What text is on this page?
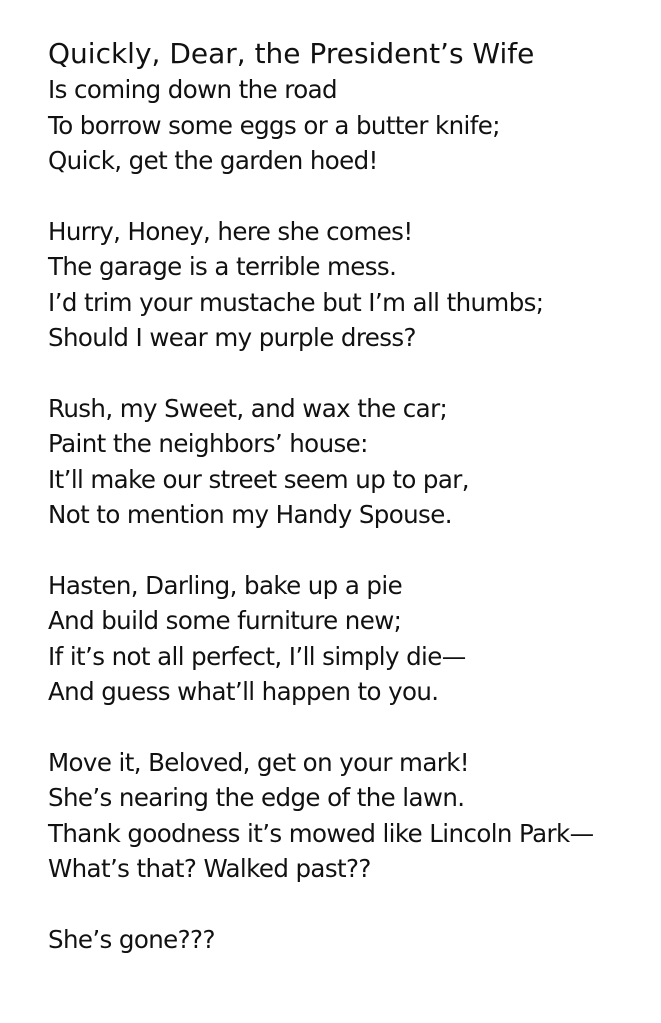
Quickly, Dear, the President’s Wife
Is coming down the road
To borrow some eggs or a butter knife;
Quick, get the garden hoed!
Hurry, Honey, here she comes!
The garage is a terrible mess.
I’d trim your mustache but I’m all thumbs;
Should I wear my purple dress?
Rush, my Sweet, and wax the car;
Paint the neighbors’ house:
It’ll make our street seem up to par,
Not to mention my Handy Spouse.
Hasten, Darling, bake up a pie
And build some furniture new;
If it’s not all perfect, I’ll simply die—
And guess what’ll happen to you.
Move it, Beloved, get on your mark!
She’s nearing the edge of the lawn.
Thank goodness it’s mowed like Lincoln Park—
What’s that? Walked past??
She’s gone???
